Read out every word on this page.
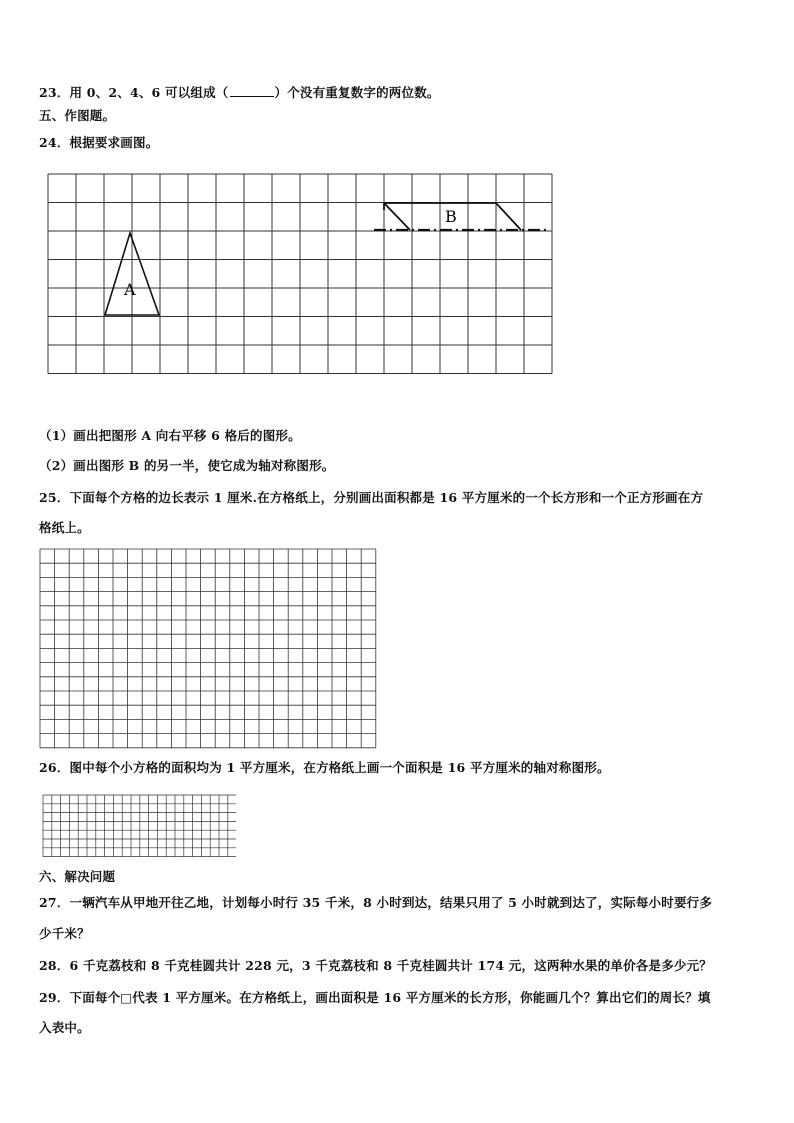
23．用 0、2、4、6 可以组成（	）个没有重复数字的两位数。
五、作图题。
24．根据要求画图。
A
B
（1）画出把图形 A 向右平移 6 格后的图形。
（2）画出图形 B 的另一半，使它成为轴对称图形。
25．下面每个方格的边长表示 1 厘米.在方格纸上，分别画出面积都是 16 平方厘米的一个长方形和一个正方形画在方
格纸上。
26．图中每个小方格的面积均为 1 平方厘米，在方格纸上画一个面积是 16 平方厘米的轴对称图形。
六、解决问题
27．一辆汽车从甲地开往乙地，计划每小时行 35 千米，8 小时到达，结果只用了 5 小时就到达了，实际每小时要行多
少千米？
28．6 千克荔枝和 8 千克桂圆共计 228 元，3 千克荔枝和 8 千克桂圆共计 174 元，这两种水果的单价各是多少元？
29．下面每个□代表 1 平方厘米。在方格纸上，画出面积是 16 平方厘米的长方形，你能画几个？算出它们的周长？填
入表中。
